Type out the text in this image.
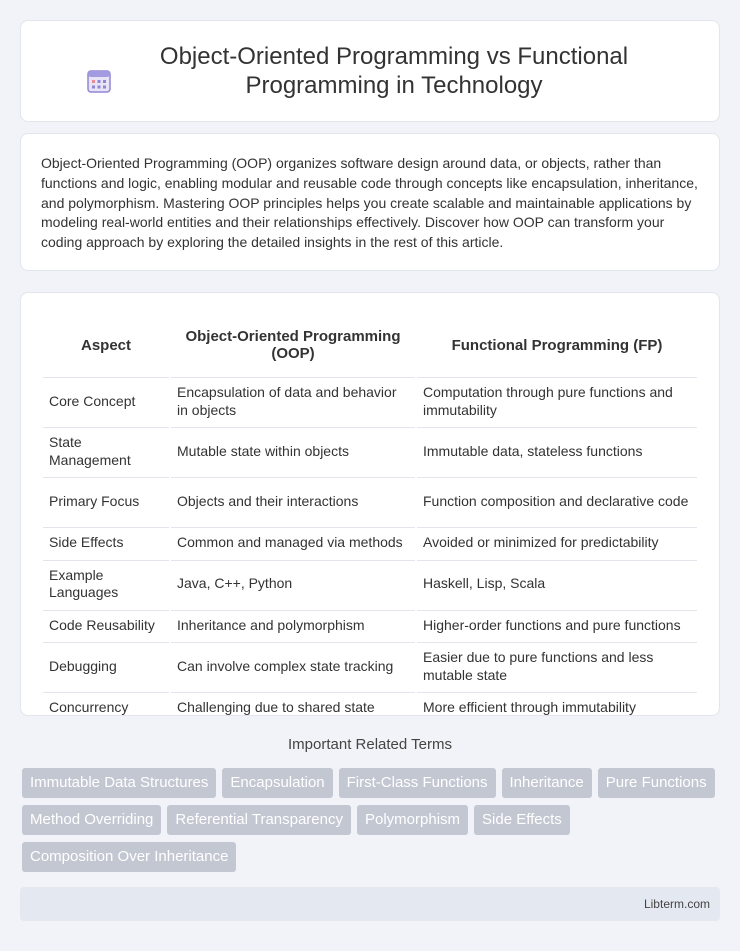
Object-Oriented Programming vs Functional Programming in Technology

Object-Oriented Programming (OOP) organizes software design around data, or objects, rather than functions and logic, enabling modular and reusable code through concepts like encapsulation, inheritance, and polymorphism. Mastering OOP principles helps you create scalable and maintainable applications by modeling real-world entities and their relationships effectively. Discover how OOP can transform your coding approach by exploring the detailed insights in the rest of this article.

Aspect	Object-Oriented Programming (OOP)	Functional Programming (FP)
Core Concept	Encapsulation of data and behavior in objects	Computation through pure functions and immutability
State Management	Mutable state within objects	Immutable data, stateless functions
Primary Focus	Objects and their interactions	Function composition and declarative code
Side Effects	Common and managed via methods	Avoided or minimized for predictability
Example Languages	Java, C++, Python	Haskell, Lisp, Scala
Code Reusability	Inheritance and polymorphism	Higher-order functions and pure functions
Debugging	Can involve complex state tracking	Easier due to pure functions and less mutable state
Concurrency	Challenging due to shared state	More efficient through immutability
Important Related Terms
Immutable Data Structures	Encapsulation	First-Class Functions	Inheritance	Pure Functions
Method Overriding	Referential Transparency	Polymorphism	Side Effects
Composition Over Inheritance
Libterm.com
